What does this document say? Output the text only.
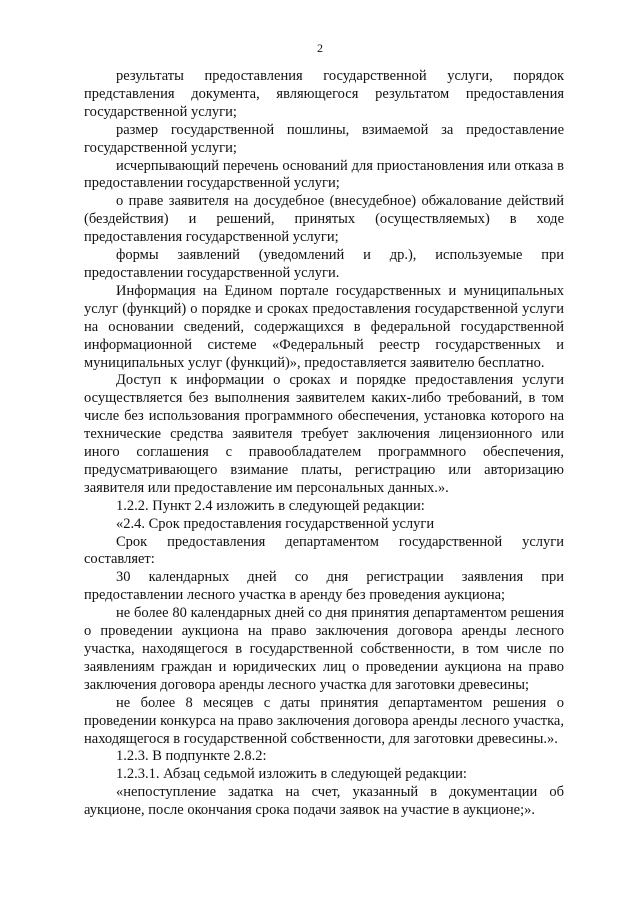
2

результаты предоставления государственной услуги, порядок представления документа, являющегося результатом предоставления государственной услуги;

размер государственной пошлины, взимаемой за предоставление государственной услуги;

исчерпывающий перечень оснований для приостановления или отказа в предоставлении государственной услуги;

о праве заявителя на досудебное (внесудебное) обжалование действий (бездействия) и решений, принятых (осуществляемых) в ходе предоставления государственной услуги;

формы заявлений (уведомлений и др.), используемые при предоставлении государственной услуги.

Информация на Едином портале государственных и муниципальных услуг (функций) о порядке и сроках предоставления государственной услуги на основании сведений, содержащихся в федеральной государственной информационной системе «Федеральный реестр государственных и муниципальных услуг (функций)», предоставляется заявителю бесплатно.

Доступ к информации о сроках и порядке предоставления услуги осуществляется без выполнения заявителем каких-либо требований, в том числе без использования программного обеспечения, установка которого на технические средства заявителя требует заключения лицензионного или иного соглашения с правообладателем программного обеспечения, предусматривающего взимание платы, регистрацию или авторизацию заявителя или предоставление им персональных данных.».

1.2.2. Пункт 2.4 изложить в следующей редакции:

«2.4. Срок предоставления государственной услуги

Срок предоставления департаментом государственной услуги составляет:

30 календарных дней со дня регистрации заявления при предоставлении лесного участка в аренду без проведения аукциона;

не более 80 календарных дней со дня принятия департаментом решения о проведении аукциона на право заключения договора аренды лесного участка, находящегося в государственной собственности, в том числе по заявлениям граждан и юридических лиц о проведении аукциона на право заключения договора аренды лесного участка для заготовки древесины;

не более 8 месяцев с даты принятия департаментом решения о проведении конкурса на право заключения договора аренды лесного участка, находящегося в государственной собственности, для заготовки древесины.».

1.2.3. В подпункте 2.8.2:

1.2.3.1. Абзац седьмой изложить в следующей редакции:

«непоступление задатка на счет, указанный в документации об аукционе, после окончания срока подачи заявок на участие в аукционе;».
